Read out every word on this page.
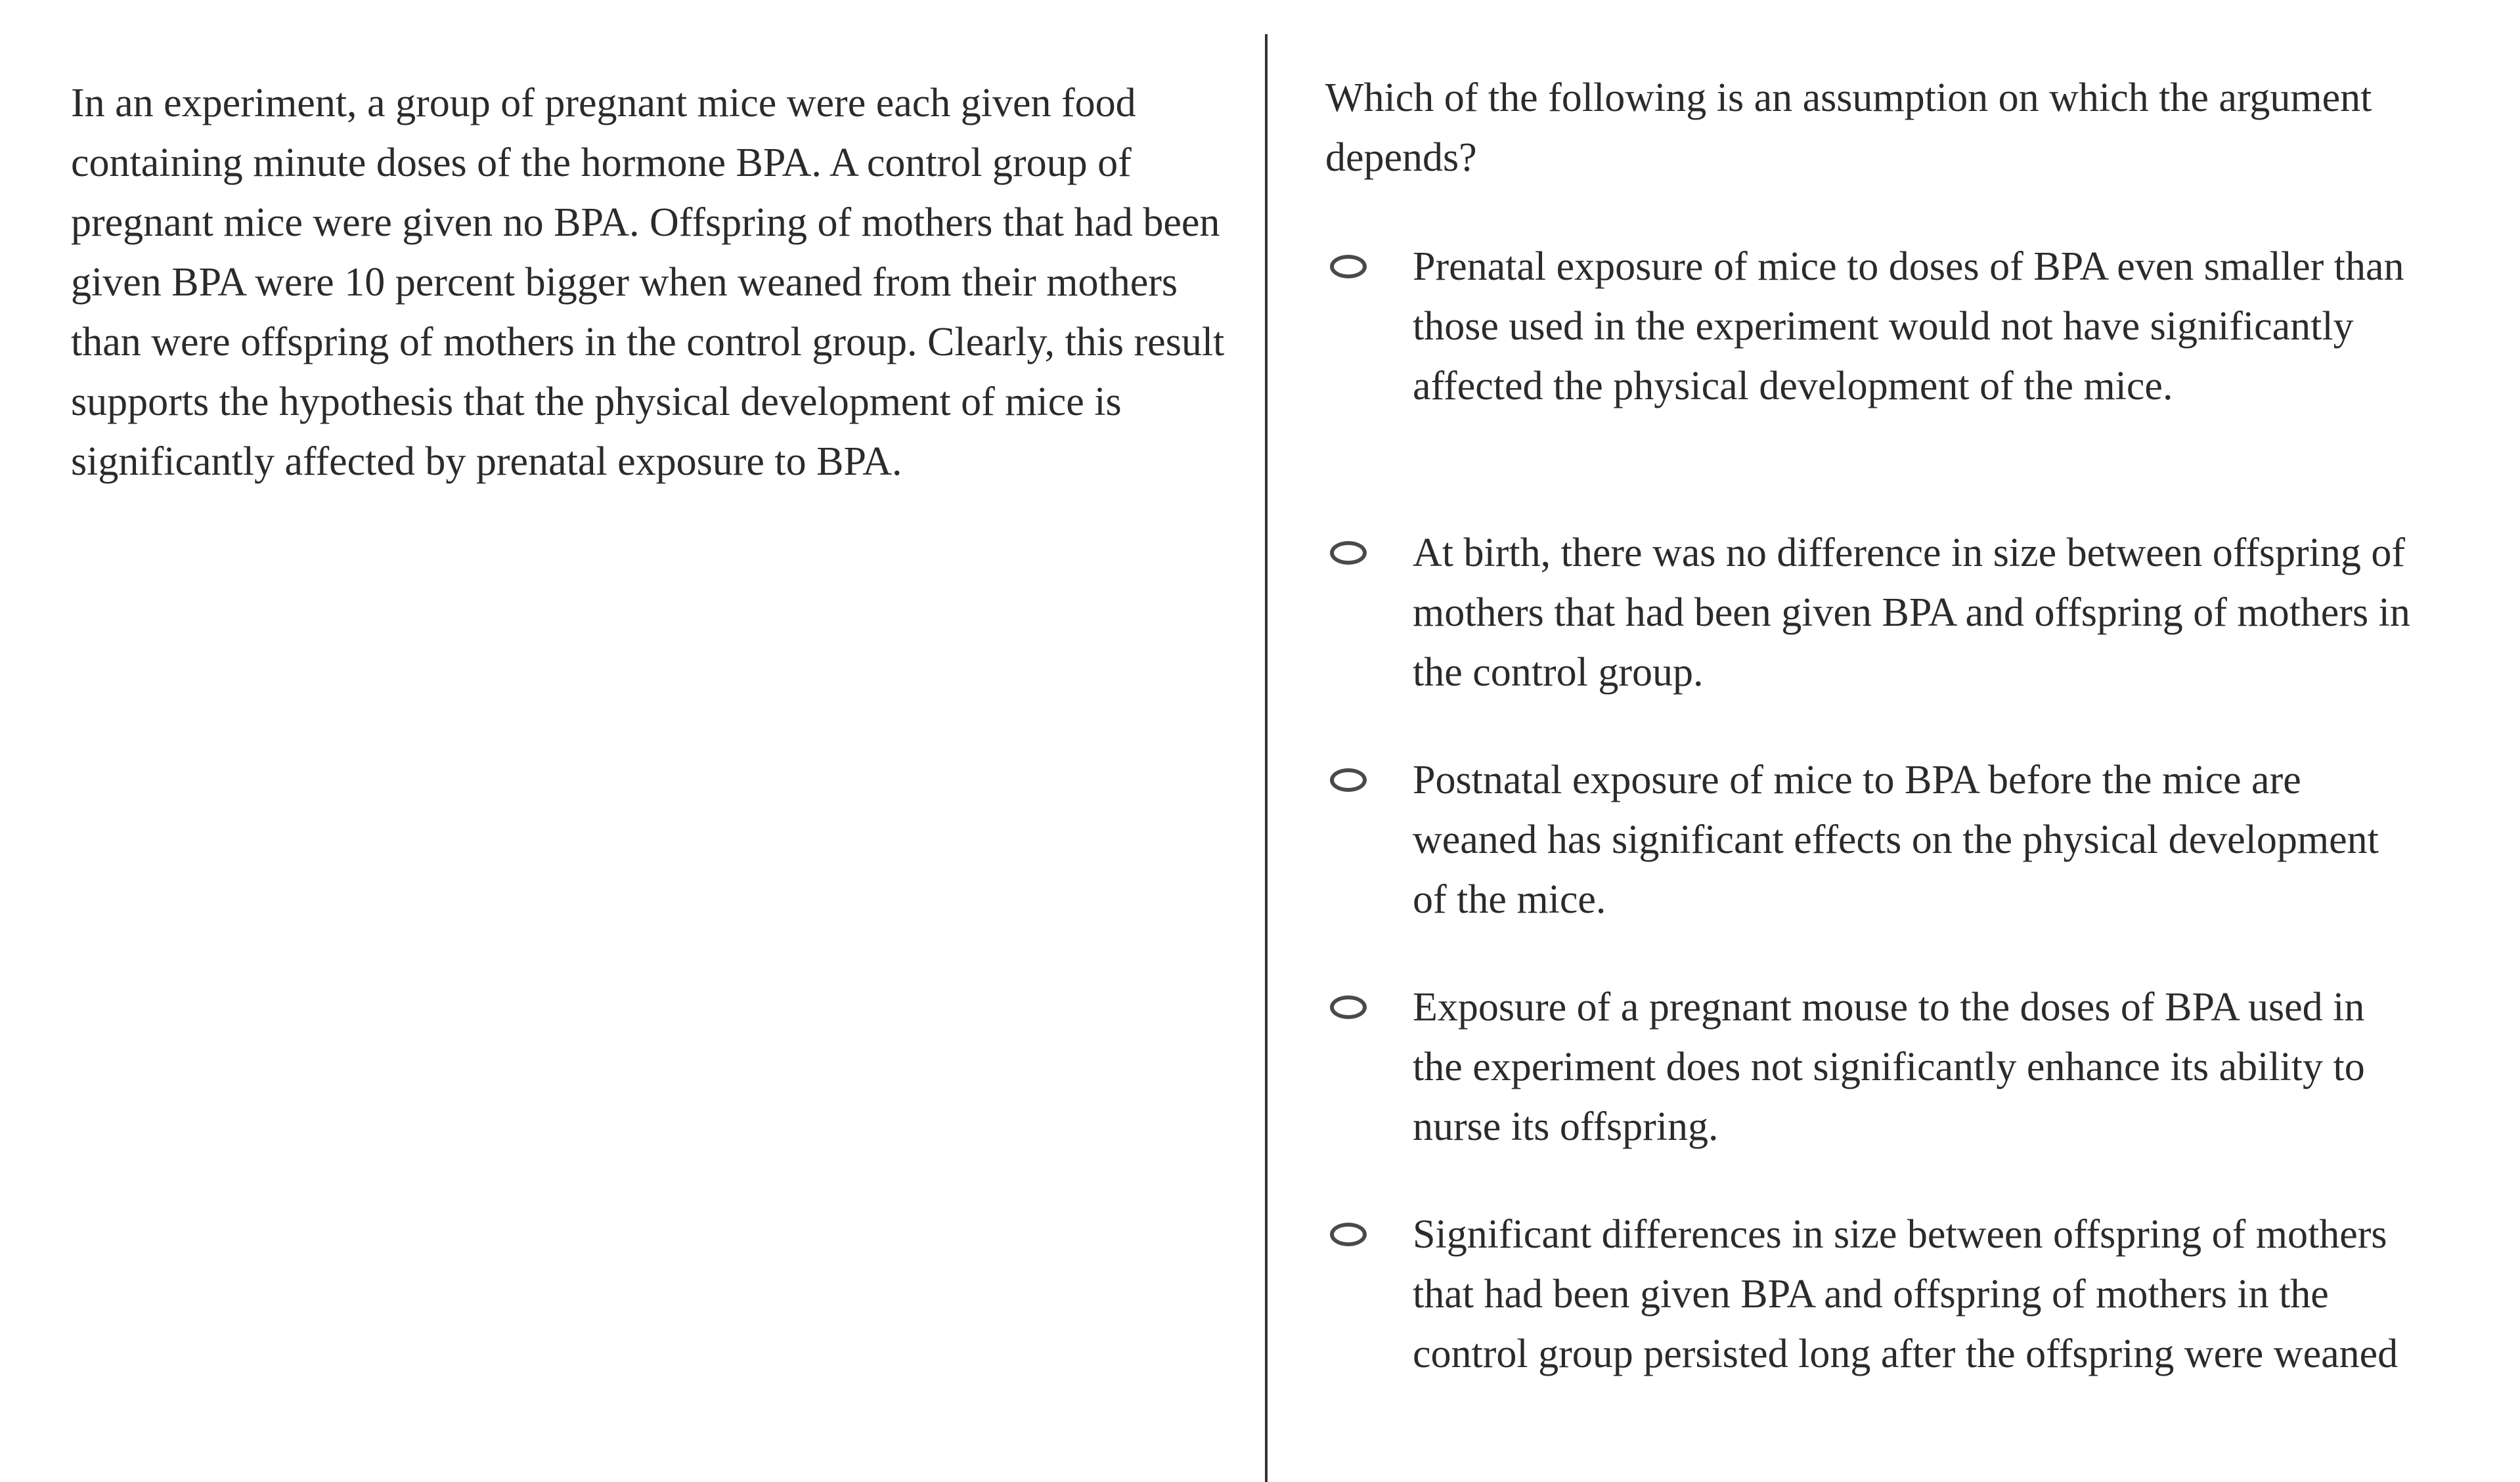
In an experiment, a group of pregnant mice were each given food containing minute doses of the hormone BPA. A control group of pregnant mice were given no BPA. Offspring of mothers that had been given BPA were 10 percent bigger when weaned from their mothers than were offspring of mothers in the control group. Clearly, this result supports the hypothesis that the physical development of mice is significantly affected by prenatal exposure to BPA.

Which of the following is an assumption on which the argument depends?

Prenatal exposure of mice to doses of BPA even smaller than those used in the experiment would not have significantly affected the physical development of the mice.
At birth, there was no difference in size between offspring of mothers that had been given BPA and offspring of mothers in the control group.
Postnatal exposure of mice to BPA before the mice are weaned has significant effects on the physical development of the mice.
Exposure of a pregnant mouse to the doses of BPA used in the experiment does not significantly enhance its ability to nurse its offspring.
Significant differences in size between offspring of mothers that had been given BPA and offspring of mothers in the control group persisted long after the offspring were weaned
